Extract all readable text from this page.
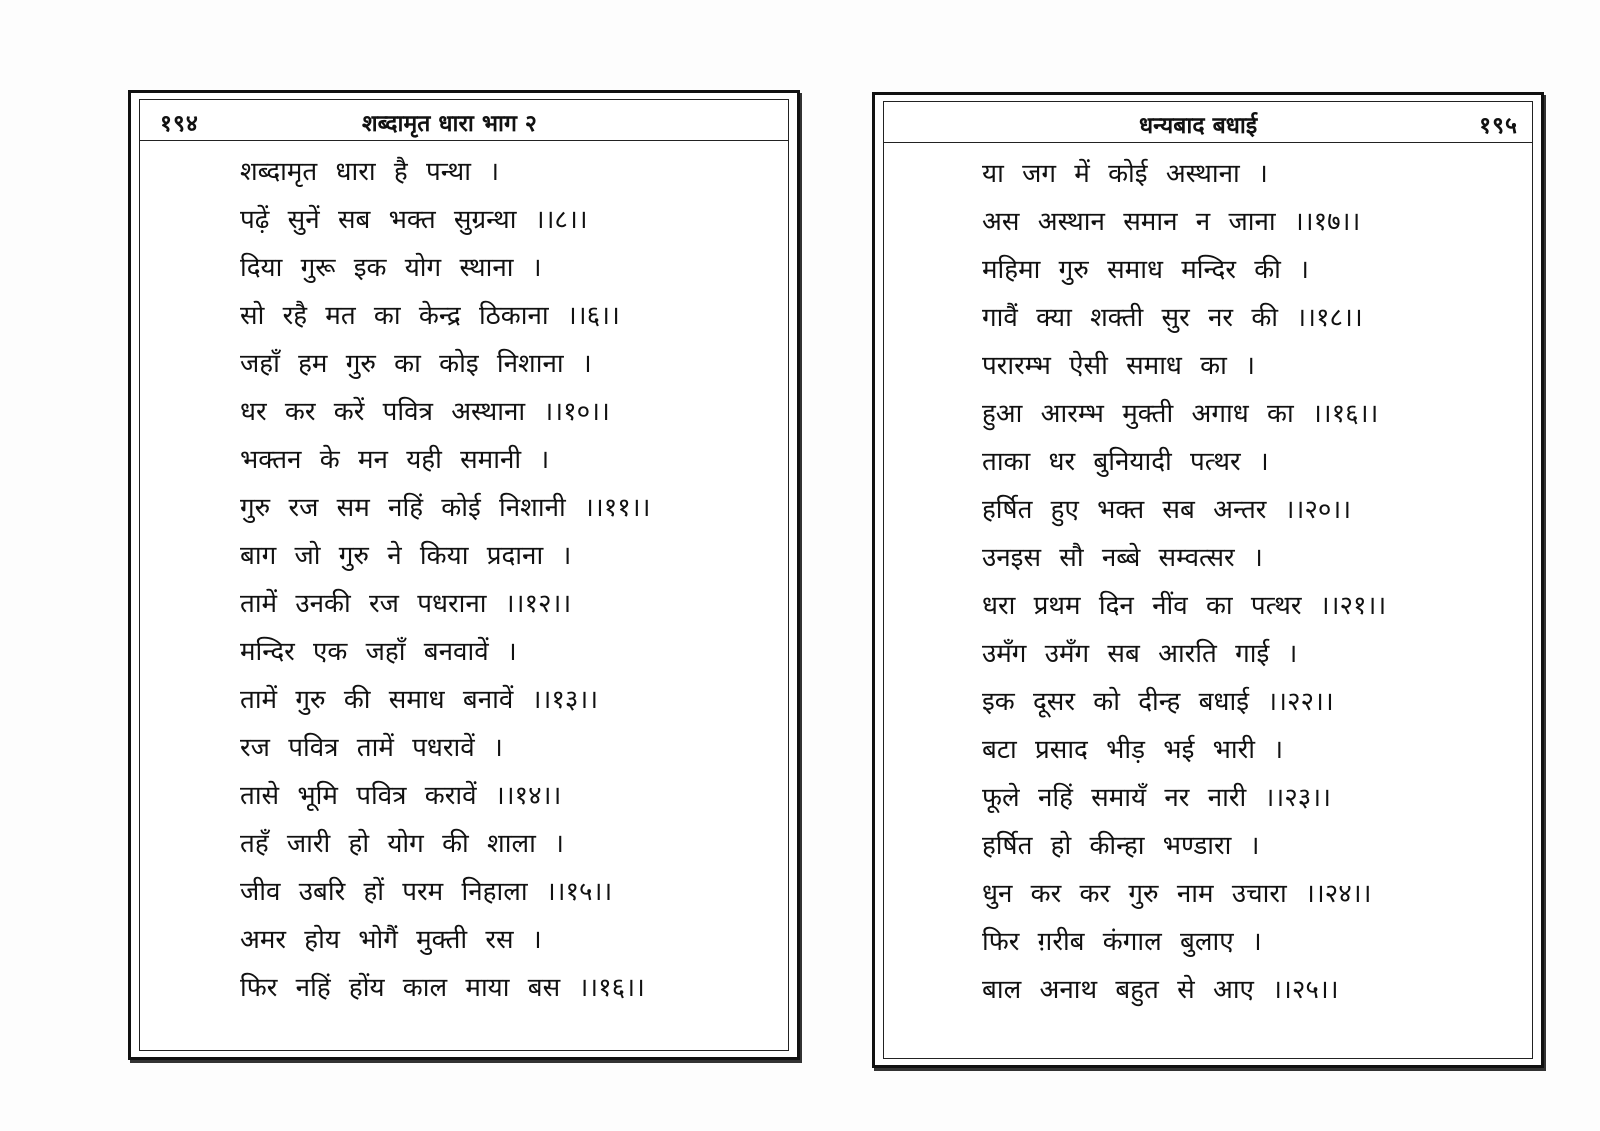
१९४	शब्दामृत धारा भाग २
शब्दामृत धारा है पन्था ।
पढ़ें सुनें सब भक्त सुग्रन्था ।।८।।
दिया गुरू इक योग स्थाना ।
सो रहै मत का केन्द्र ठिकाना ।।६।।
जहाँ हम गुरु का कोइ निशाना ।
धर कर करें पवित्र अस्थाना ।।१०।।
भक्तन के मन यही समानी ।
गुरु रज सम नहिं कोई निशानी ।।११।।
बाग जो गुरु ने किया प्रदाना ।
तामें उनकी रज पधराना ।।१२।।
मन्दिर एक जहाँ बनवावें ।
तामें गुरु की समाध बनावें ।।१३।।
रज पवित्र तामें पधरावें ।
तासे भूमि पवित्र करावें ।।१४।।
तहँ जारी हो योग की शाला ।
जीव उबरि हों परम निहाला ।।१५।।
अमर होय भोगैं मुक्ती रस ।
फिर नहिं होंय काल माया बस ।।१६।।
धन्यबाद बधाई	१९५
या जग में कोई अस्थाना ।
अस अस्थान समान न जाना ।।१७।।
महिमा गुरु समाध मन्दिर की ।
गावैं क्या शक्ती सुर नर की ।।१८।।
परारम्भ ऐसी समाध का ।
हुआ आरम्भ मुक्ती अगाध का ।।१६।।
ताका धर बुनियादी पत्थर ।
हर्षित हुए भक्त सब अन्तर ।।२०।।
उनइस सौ नब्बे सम्वत्सर ।
धरा प्रथम दिन नींव का पत्थर ।।२१।।
उमँग उमँग सब आरति गाई ।
इक दूसर को दीन्ह बधाई ।।२२।।
बटा प्रसाद भीड़ भई भारी ।
फूले नहिं समायँ नर नारी ।।२३।।
हर्षित हो कीन्हा भण्डारा ।
धुन कर कर गुरु नाम उचारा ।।२४।।
फिर ग़रीब कंगाल बुलाए ।
बाल अनाथ बहुत से आए ।।२५।।
